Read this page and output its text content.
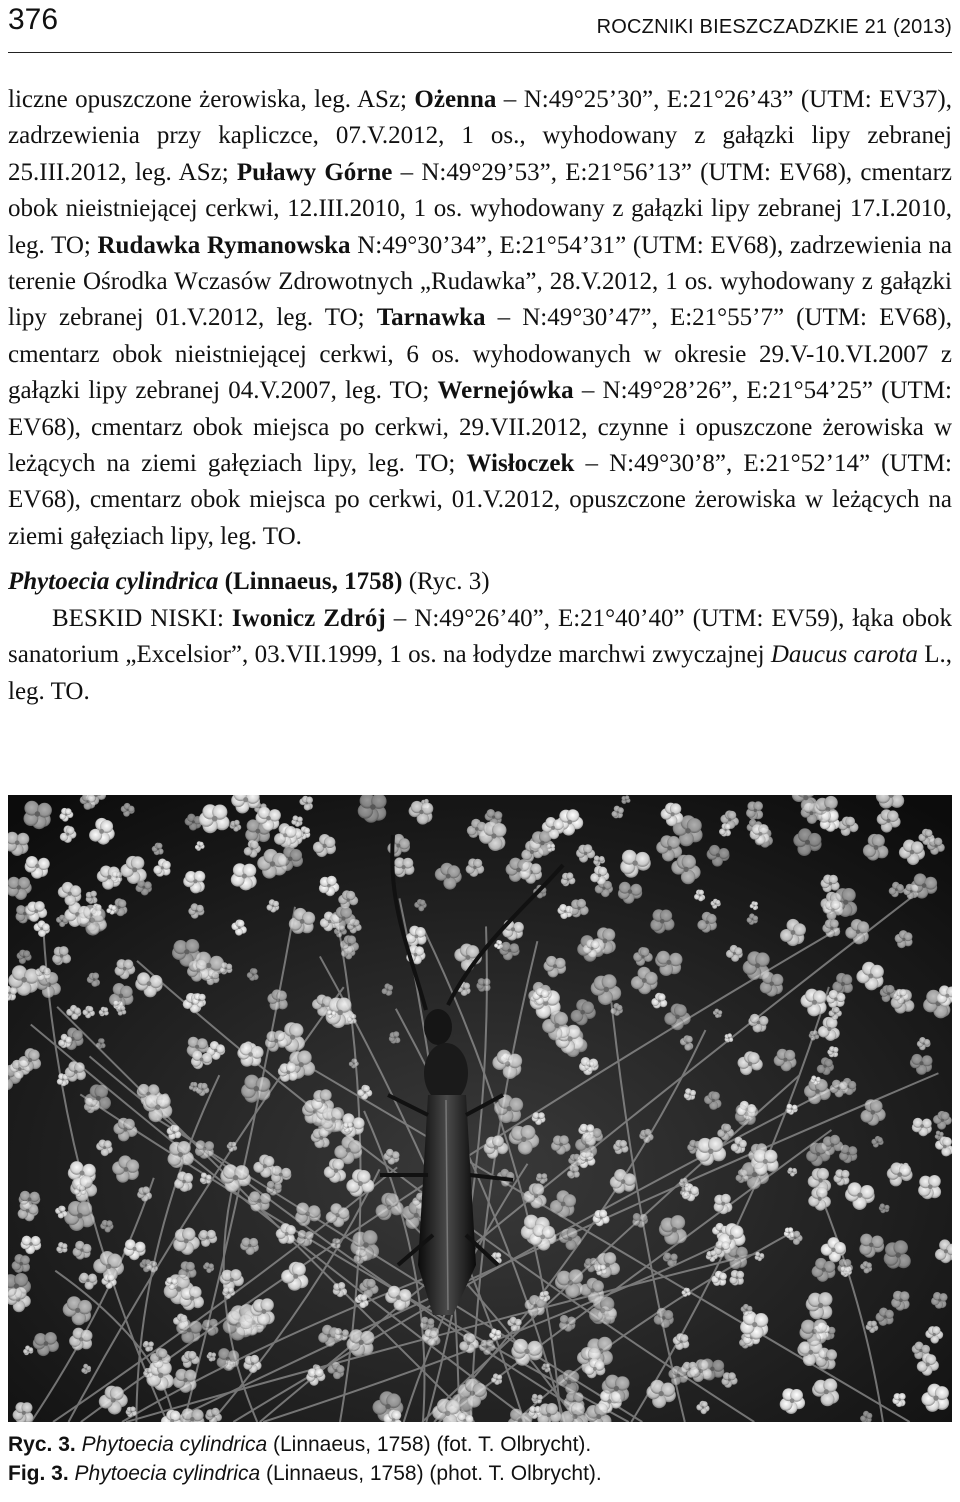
376	ROCZNIKI BIESZCZADZKIE 21 (2013)

liczne opuszczone żerowiska, leg. ASz; Ożenna – N:49°25’30”, E:21°26’43” (UTM: EV37), zadrzewienia przy kapliczce, 07.V.2012, 1 os., wyhodowany z gałązki lipy zebranej 25.III.2012, leg. ASz; Puławy Górne – N:49°29’53”, E:21°56’13” (UTM: EV68), cmentarz obok nieistniejącej cerkwi, 12.III.2010, 1 os. wyhodowany z gałązki lipy zebranej 17.I.2010, leg. TO; Rudawka Rymanowska N:49°30’34”, E:21°54’31” (UTM: EV68), zadrzewienia na terenie Ośrodka Wczasów Zdrowotnych „Rudawka”, 28.V.2012, 1 os. wyhodowany z gałązki lipy zebranej 01.V.2012, leg. TO; Tarnawka – N:49°30’47”, E:21°55’7” (UTM: EV68), cmentarz obok nieistniejącej cerkwi, 6 os. wyhodowanych w okresie 29.V-10.VI.2007 z gałązki lipy zebranej 04.V.2007, leg. TO; Wernejówka – N:49°28’26”, E:21°54’25” (UTM: EV68), cmentarz obok miejsca po cerkwi, 29.VII.2012, czynne i opuszczone żerowiska w leżących na ziemi gałęziach lipy, leg. TO; Wisłoczek – N:49°30’8”, E:21°52’14” (UTM: EV68), cmentarz obok miejsca po cerkwi, 01.V.2012, opuszczone żerowiska w leżących na ziemi gałęziach lipy, leg. TO.

Phytoecia cylindrica (Linnaeus, 1758) (Ryc. 3)

BESKID NISKI: Iwonicz Zdrój – N:49°26’40”, E:21°40’40” (UTM: EV59), łąka obok sanatorium „Excelsior”, 03.VII.1999, 1 os. na łodydze marchwi zwyczajnej Daucus carota L., leg. TO.

Ryc. 3. Phytoecia cylindrica (Linnaeus, 1758) (fot. T. Olbrycht).
Fig. 3. Phytoecia cylindrica (Linnaeus, 1758) (phot. T. Olbrycht).
